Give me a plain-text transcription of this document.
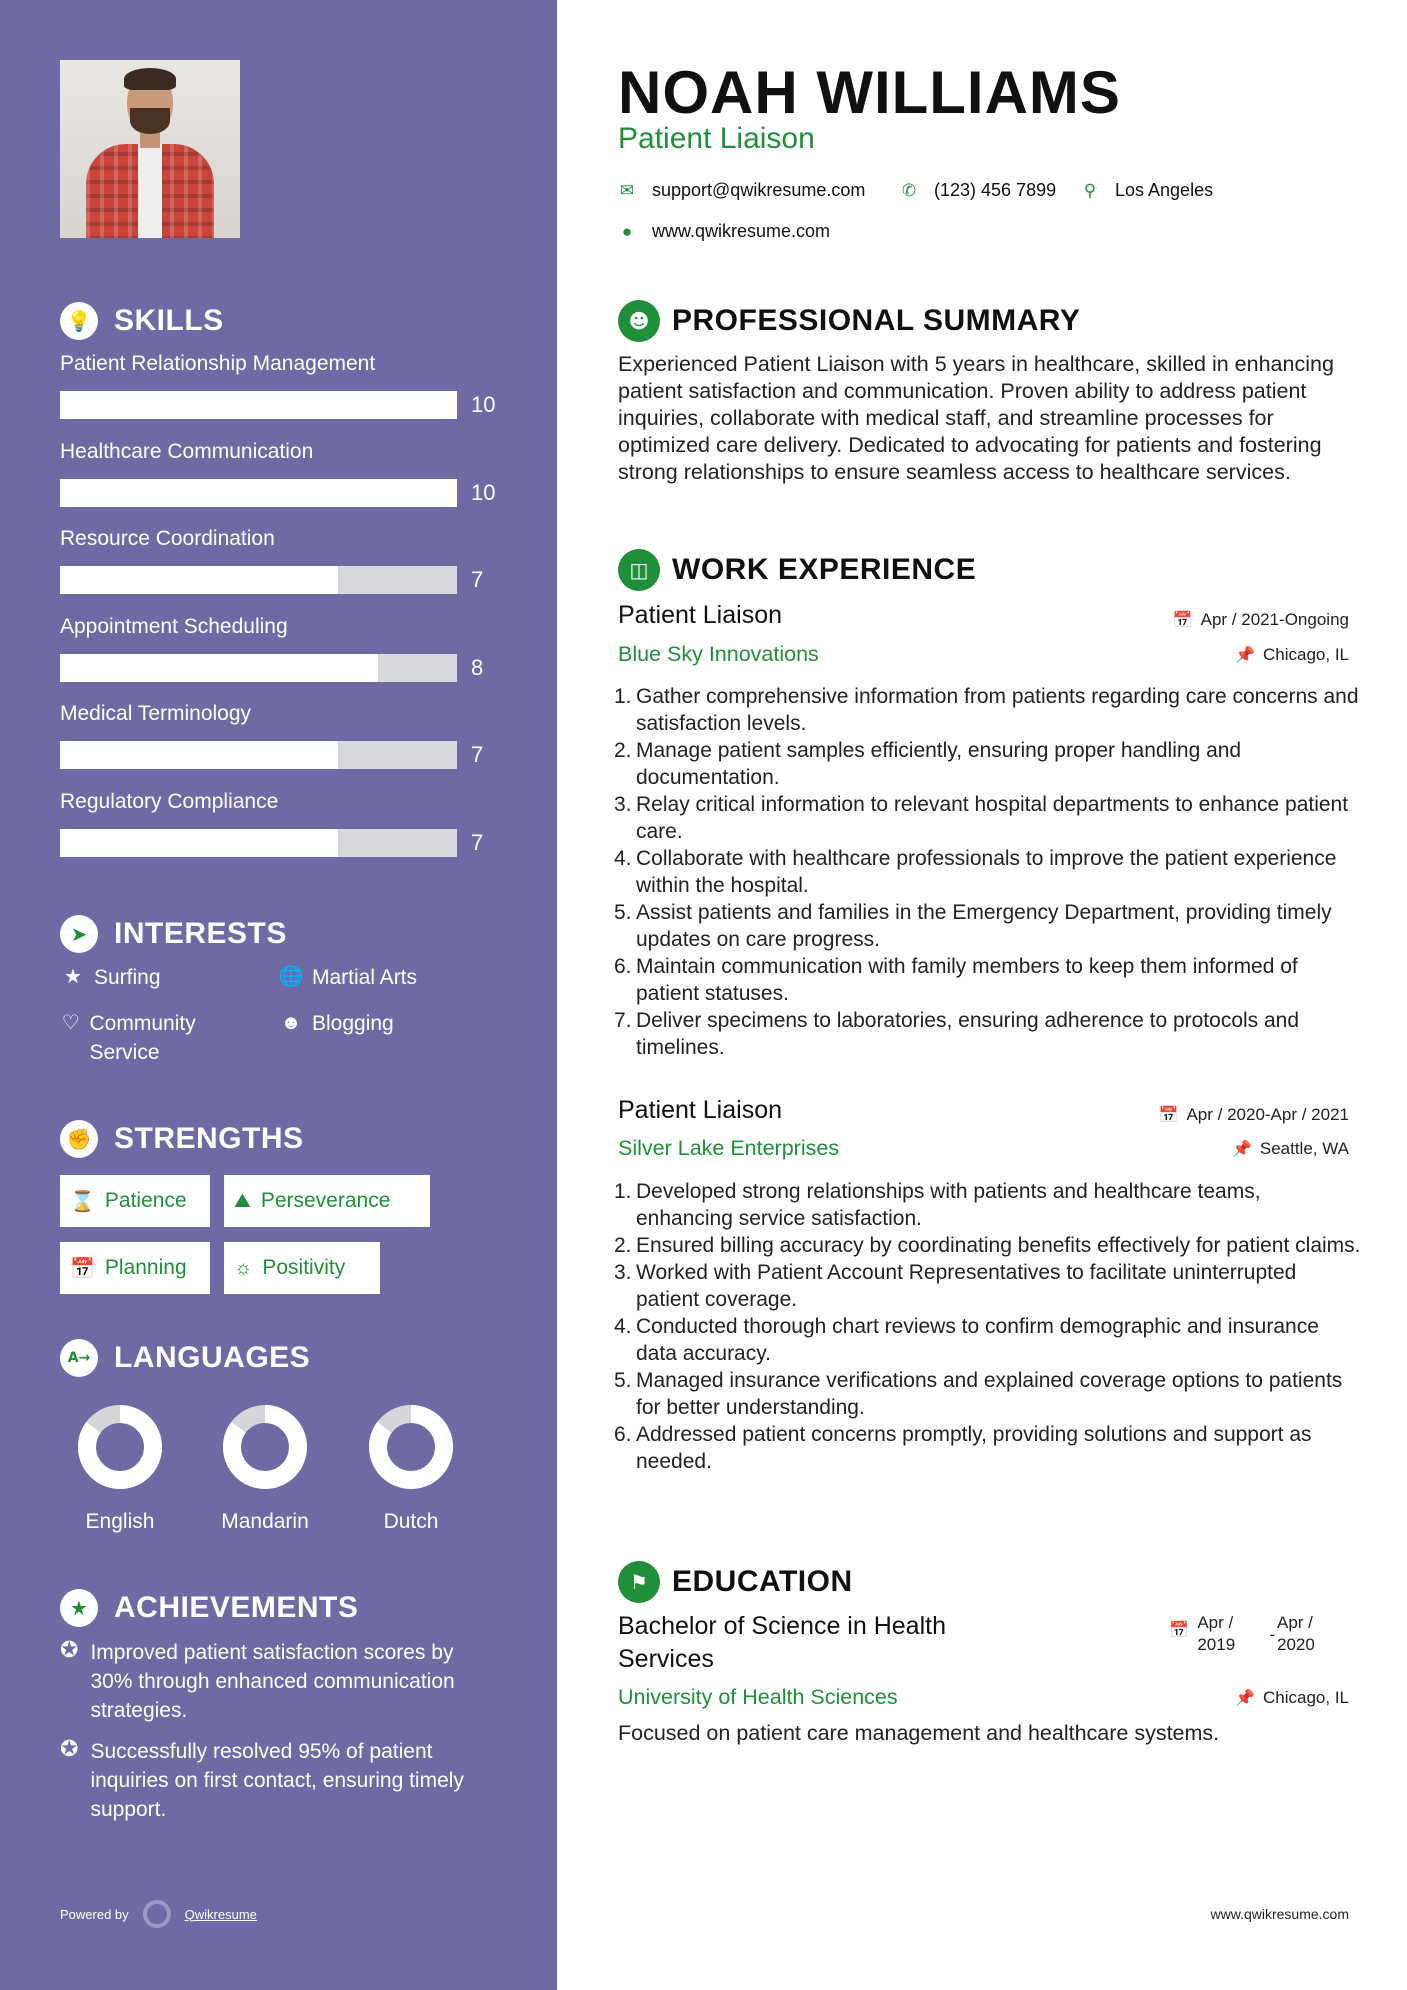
💡 SKILLS
Patient Relationship Management
10
Healthcare Communication
10
Resource Coordination
7
Appointment Scheduling
8
Medical Terminology
7
Regulatory Compliance
7
➤ INTERESTS
★ Surfing	🌐 Martial Arts
♡ Community Service
☻ Blogging
✊ STRENGTHS
⌛ Patience ⛰ Perseverance
📅 Planning ☼ Positivity
A→ LANGUAGES
English	Mandarin	Dutch
★ ACHIEVEMENTS
✪ Improved patient satisfaction scores by 30% through enhanced communication strategies.
✪ Successfully resolved 95% of patient inquiries on first contact, ensuring timely support.
Powered by	Qwikresume
NOAH WILLIAMS
Patient Liaison
✉ support@qwikresume.com ✆ (123) 456 7899 ⚲ Los Angeles
● www.qwikresume.com
☻ PROFESSIONAL SUMMARY
Experienced Patient Liaison with 5 years in healthcare, skilled in enhancing patient satisfaction and communication. Proven ability to address patient inquiries, collaborate with medical staff, and streamline processes for optimized care delivery. Dedicated to advocating for patients and fostering strong relationships to ensure seamless access to healthcare services.
◫ WORK EXPERIENCE
Patient Liaison	📅 Apr / 2021-Ongoing
Blue Sky Innovations	📌 Chicago, IL
1. Gather comprehensive information from patients regarding care concerns and satisfaction levels.
2. Manage patient samples efficiently, ensuring proper handling and documentation.
3. Relay critical information to relevant hospital departments to enhance patient care.
4. Collaborate with healthcare professionals to improve the patient experience within the hospital.
5. Assist patients and families in the Emergency Department, providing timely updates on care progress.
6. Maintain communication with family members to keep them informed of patient statuses.
7. Deliver specimens to laboratories, ensuring adherence to protocols and timelines.
Patient Liaison	📅 Apr / 2020-Apr / 2021
Silver Lake Enterprises	📌 Seattle, WA
1. Developed strong relationships with patients and healthcare teams, enhancing service satisfaction.
2. Ensured billing accuracy by coordinating benefits effectively for patient claims.
3. Worked with Patient Account Representatives to facilitate uninterrupted patient coverage.
4. Conducted thorough chart reviews to confirm demographic and insurance data accuracy.
5. Managed insurance verifications and explained coverage options to patients for better understanding.
6. Addressed patient concerns promptly, providing solutions and support as needed.
⚑ EDUCATION
Bachelor of Science in Health Services
📅 Apr / 2019
-
Apr / 2020
University of Health Sciences	📌 Chicago, IL
Focused on patient care management and healthcare systems.
www.qwikresume.com
